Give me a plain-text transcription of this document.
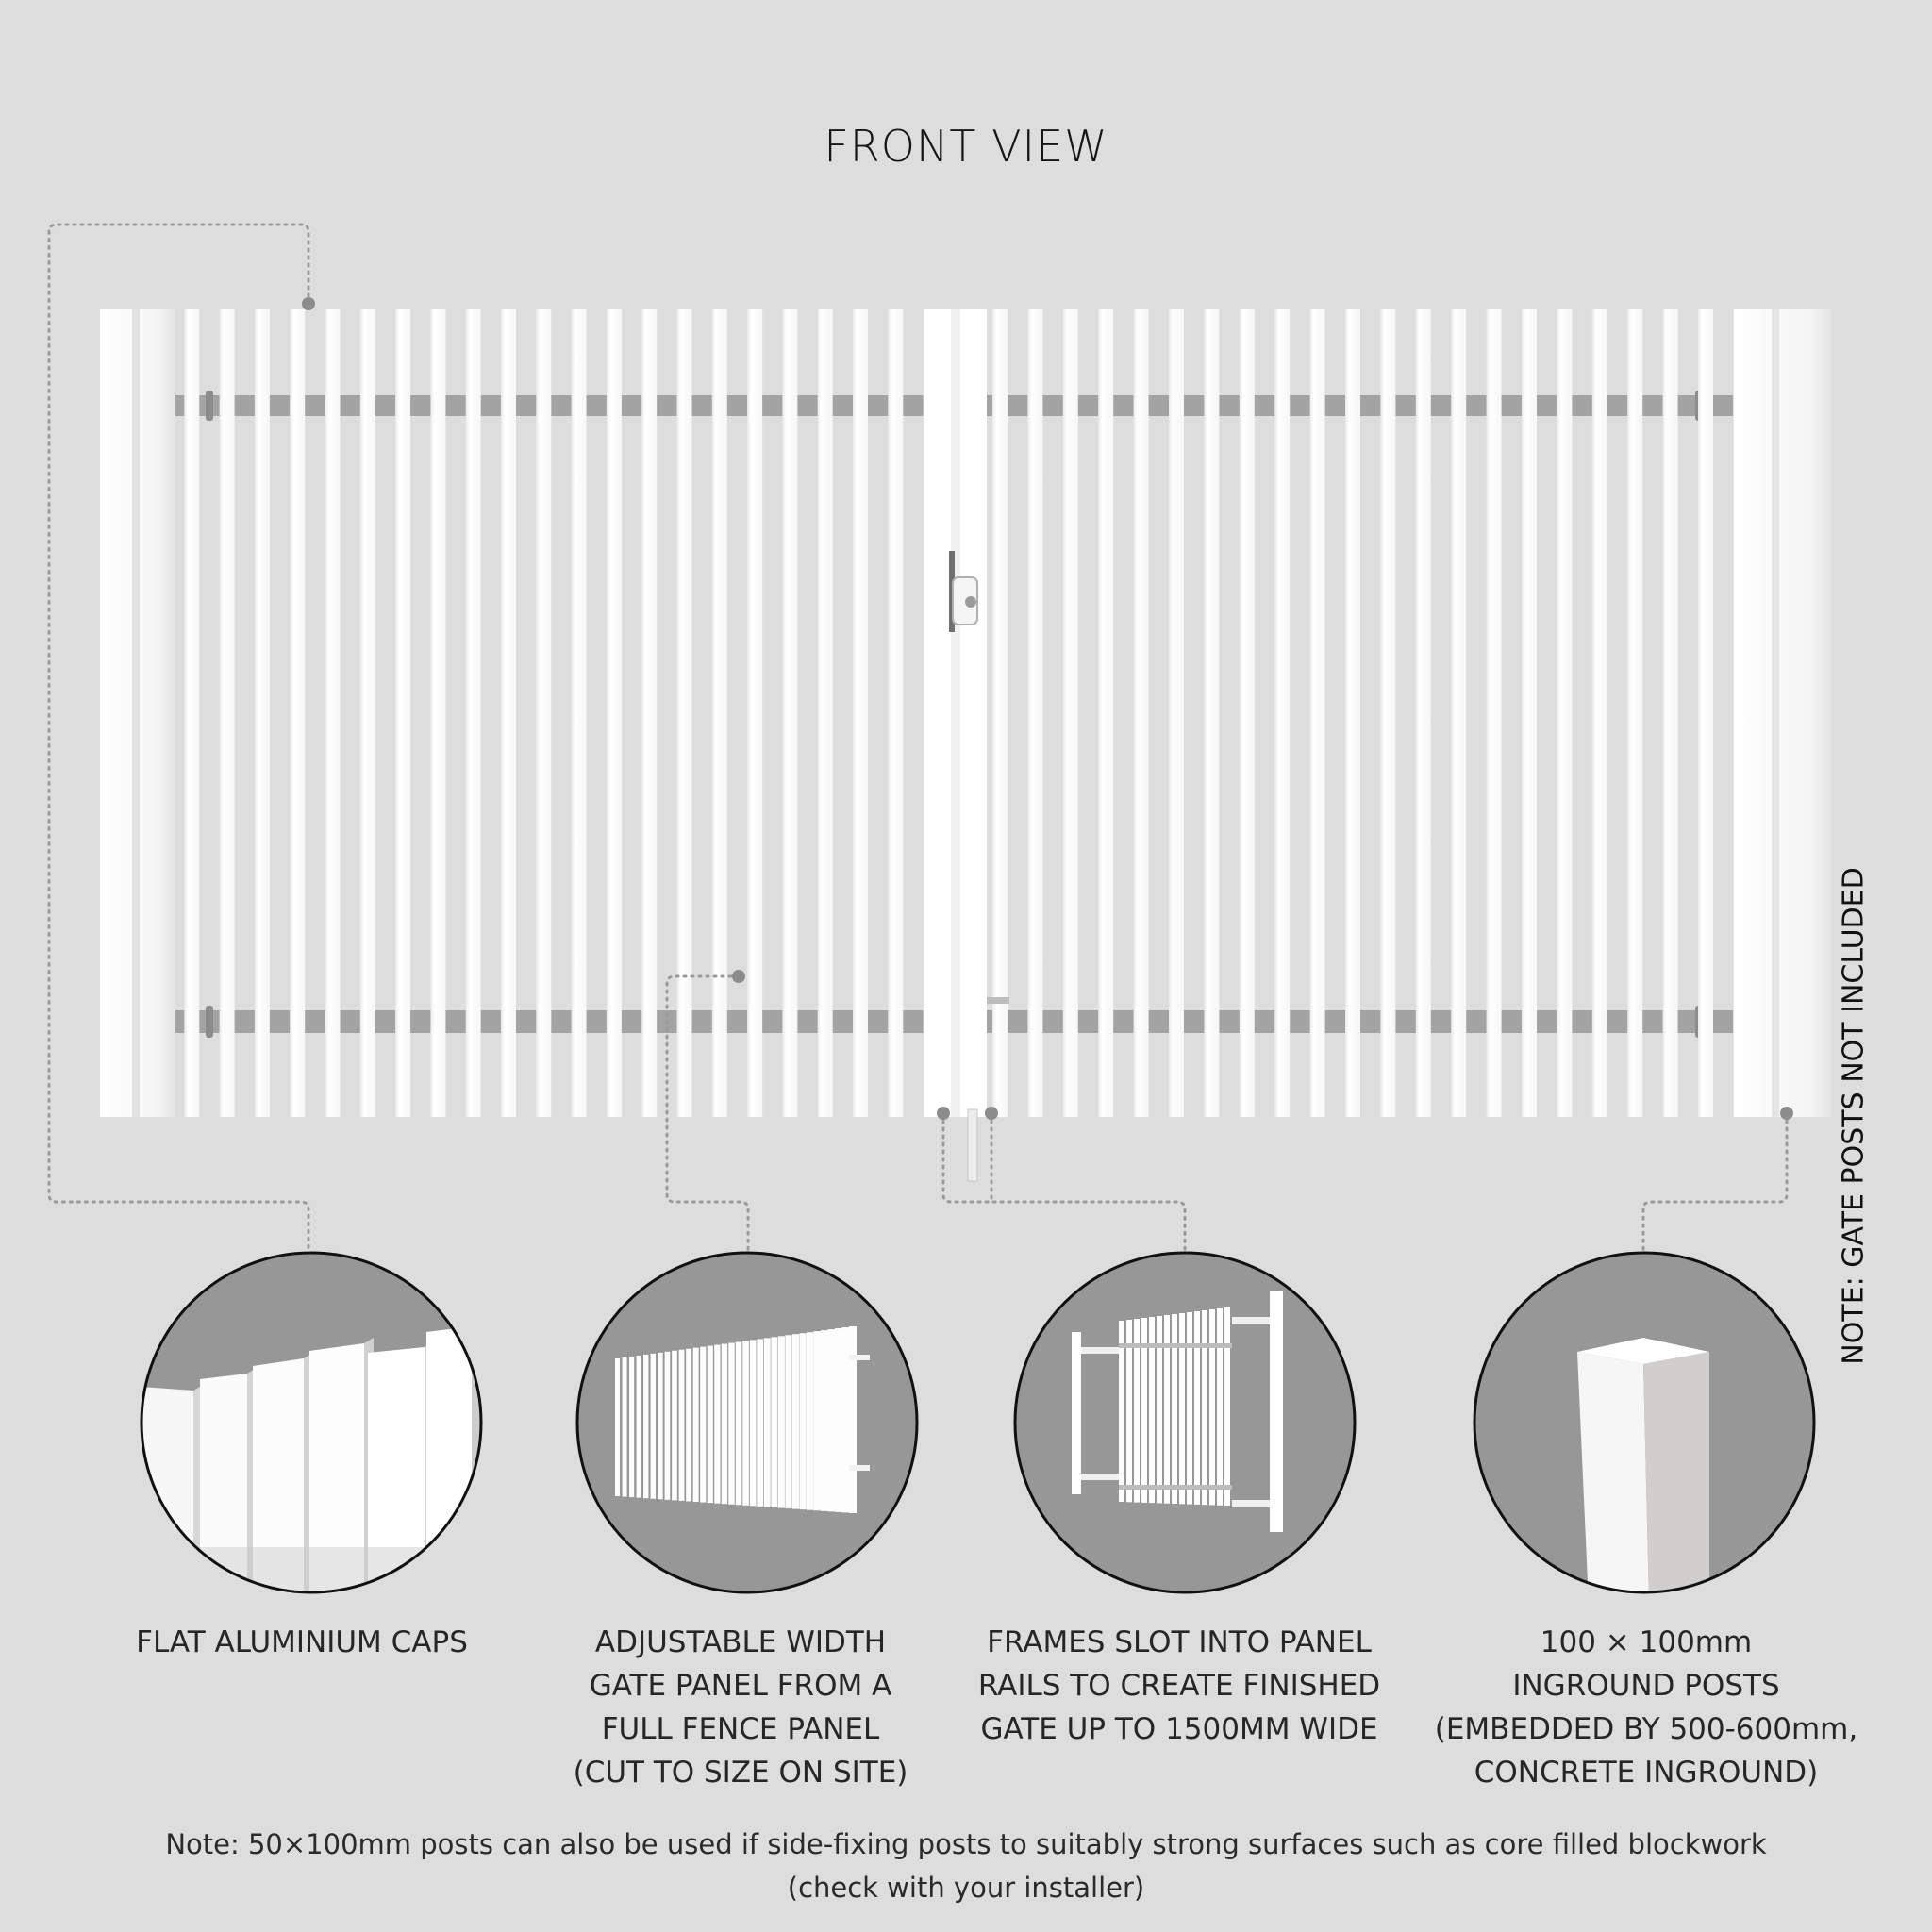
FRONT VIEW
NOTE: GATE POSTS NOT INCLUDED
FLAT ALUMINIUM CAPS	ADJUSTABLE WIDTH
GATE PANEL FROM A
FULL FENCE PANEL
(CUT TO SIZE ON SITE)
FRAMES SLOT INTO PANEL
RAILS TO CREATE FINISHED
GATE UP TO 1500MM WIDE
100 × 100mm
INGROUND POSTS
(EMBEDDED BY 500-600mm,
CONCRETE INGROUND)
Note: 50×100mm posts can also be used if side-fixing posts to suitably strong surfaces such as core filled blockwork
(check with your installer)
